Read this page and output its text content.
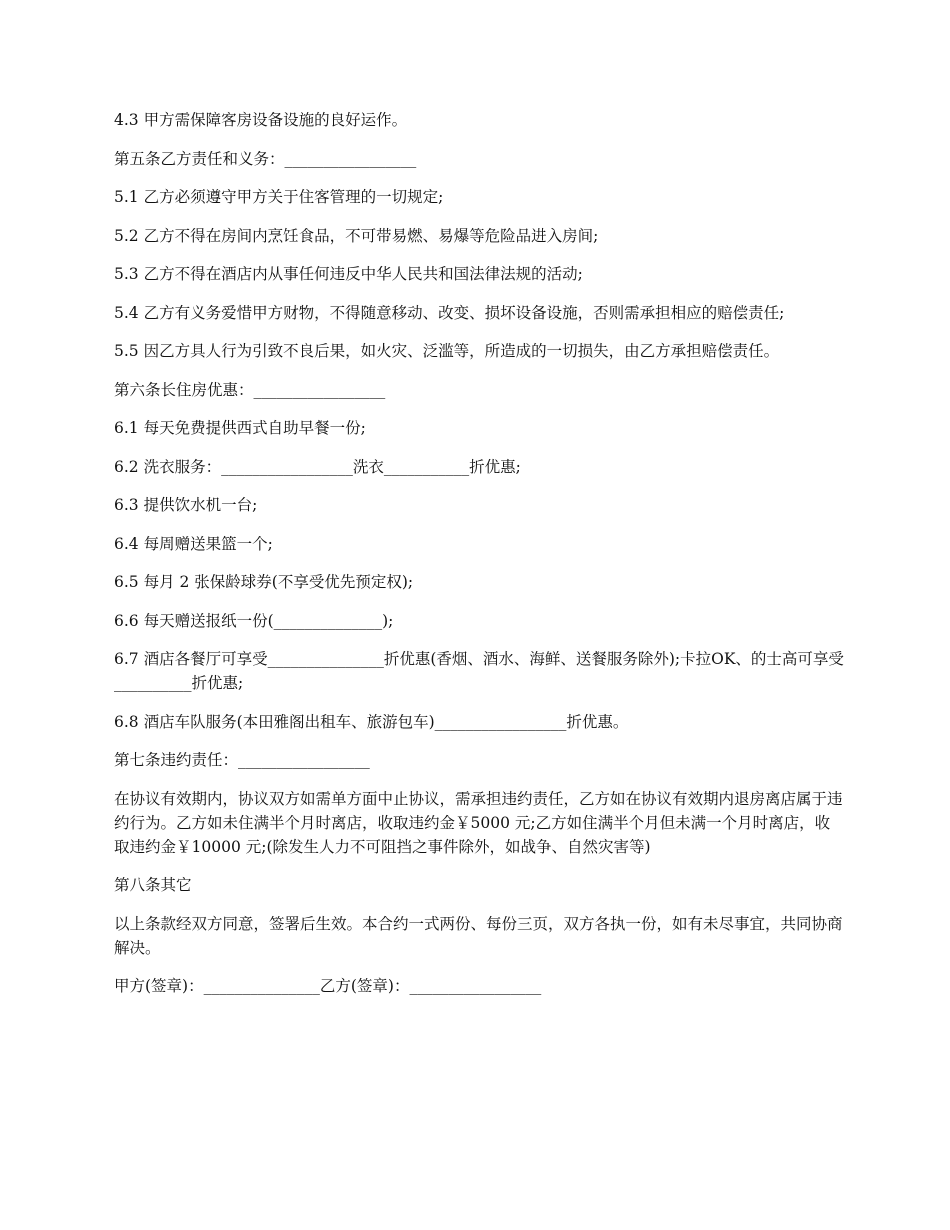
4.3 甲方需保障客房设备设施的良好运作。

第五条乙方责任和义务：_________________

5.1 乙方必须遵守甲方关于住客管理的一切规定;

5.2 乙方不得在房间内烹饪食品，不可带易燃、易爆等危险品进入房间;

5.3 乙方不得在酒店内从事任何违反中华人民共和国法律法规的活动;

5.4 乙方有义务爱惜甲方财物，不得随意移动、改变、损坏设备设施，否则需承担相应的赔偿责任;

5.5 因乙方具人行为引致不良后果，如火灾、泛滥等，所造成的一切损失，由乙方承担赔偿责任。

第六条长住房优惠：_________________

6.1 每天免费提供西式自助早餐一份;

6.2 洗衣服务：_________________洗衣___________折优惠;

6.3 提供饮水机一台;

6.4 每周赠送果篮一个;

6.5 每月 2 张保龄球券(不享受优先预定权);

6.6 每天赠送报纸一份(______________);

6.7 酒店各餐厅可享受_______________折优惠(香烟、酒水、海鲜、送餐服务除外);卡拉OK、的士高可享受__________折优惠;

6.8 酒店车队服务(本田雅阁出租车、旅游包车)_________________折优惠。

第七条违约责任：_________________

在协议有效期内，协议双方如需单方面中止协议，需承担违约责任，乙方如在协议有效期内退房离店属于违约行为。乙方如未住满半个月时离店，收取违约金￥5000 元;乙方如住满半个月但未满一个月时离店，收取违约金￥10000 元;(除发生人力不可阻挡之事件除外，如战争、自然灾害等)

第八条其它

以上条款经双方同意，签署后生效。本合约一式两份、每份三页，双方各执一份，如有未尽事宜，共同协商解决。

甲方(签章)：_______________乙方(签章)：_________________
